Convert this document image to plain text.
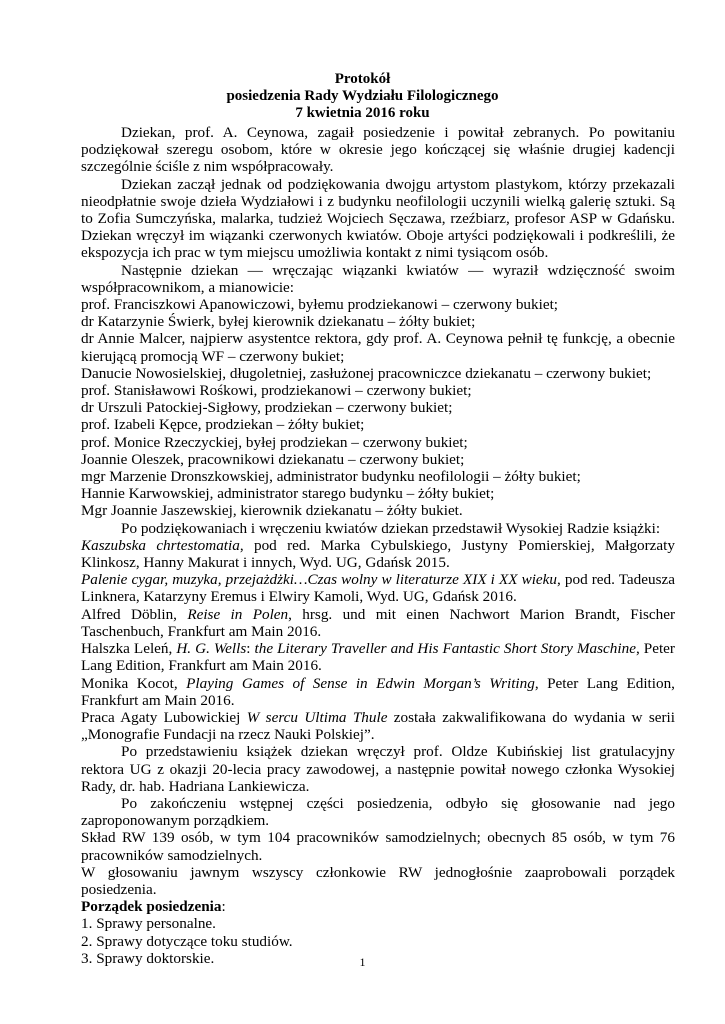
Protokół
posiedzenia Rady Wydziału Filologicznego
7 kwietnia 2016 roku

Dziekan, prof. A. Ceynowa, zagaił posiedzenie i powitał zebranych. Po powitaniu podziękował szeregu osobom, które w okresie jego kończącej się właśnie drugiej kadencji szczególnie ściśle z nim współpracowały.

Dziekan zaczął jednak od podziękowania dwojgu artystom plastykom, którzy przekazali nieodpłatnie swoje dzieła Wydziałowi i z budynku neofilologii uczynili wielką galerię sztuki. Są to Zofia Sumczyńska, malarka, tudzież Wojciech Sęczawa, rzeźbiarz, profesor ASP w Gdańsku. Dziekan wręczył im wiązanki czerwonych kwiatów. Oboje artyści podziękowali i podkreślili, że ekspozycja ich prac w tym miejscu umożliwia kontakt z nimi tysiącom osób.

Następnie dziekan ― wręczając wiązanki kwiatów ― wyraził wdzięczność swoim współpracownikom, a mianowicie:

prof. Franciszkowi Apanowiczowi, byłemu prodziekanowi – czerwony bukiet;

dr Katarzynie Świerk, byłej kierownik dziekanatu – żółty bukiet;

dr Annie Malcer, najpierw asystentce rektora, gdy prof. A. Ceynowa pełnił tę funkcję, a obecnie kierującą promocją WF – czerwony bukiet;

Danucie Nowosielskiej, długoletniej, zasłużonej pracowniczce dziekanatu – czerwony bukiet;

prof. Stanisławowi Rośkowi, prodziekanowi – czerwony bukiet;

dr Urszuli Patockiej-Sigłowy, prodziekan – czerwony bukiet;

prof. Izabeli Kępce, prodziekan – żółty bukiet;

prof. Monice Rzeczyckiej, byłej prodziekan – czerwony bukiet;

Joannie Oleszek, pracownikowi dziekanatu – czerwony bukiet;

mgr Marzenie Dronszkowskiej, administrator budynku neofilologii – żółty bukiet;

Hannie Karwowskiej, administrator starego budynku – żółty bukiet;

Mgr Joannie Jaszewskiej, kierownik dziekanatu – żółty bukiet.

Po podziękowaniach i wręczeniu kwiatów dziekan przedstawił Wysokiej Radzie książki:

Kaszubska chrtestomatia, pod red. Marka Cybulskiego, Justyny Pomierskiej, Małgorzaty Klinkosz, Hanny Makurat i innych, Wyd. UG, Gdańsk 2015.

Palenie cygar, muzyka, przejażdżki…Czas wolny w literaturze XIX i XX wieku, pod red. Tadeusza Linknera, Katarzyny Eremus i Elwiry Kamoli, Wyd. UG, Gdańsk 2016.

Alfred Döblin, Reise in Polen, hrsg. und mit einen Nachwort Marion Brandt, Fischer Taschenbuch, Frankfurt am Main 2016.

Halszka Leleń, H. G. Wells: the Literary Traveller and His Fantastic Short Story Maschine, Peter Lang Edition, Frankfurt am Main 2016.

Monika Kocot, Playing Games of Sense in Edwin Morgan’s Writing, Peter Lang Edition, Frankfurt am Main 2016.

Praca Agaty Lubowickiej W sercu Ultima Thule została zakwalifikowana do wydania w serii „Monografie Fundacji na rzecz Nauki Polskiej”.

Po przedstawieniu książek dziekan wręczył prof. Oldze Kubińskiej list gratulacyjny rektora UG z okazji 20-lecia pracy zawodowej, a następnie powitał nowego członka Wysokiej Rady, dr. hab. Hadriana Lankiewicza.

Po zakończeniu wstępnej części posiedzenia, odbyło się głosowanie nad jego zaproponowanym porządkiem.

Skład RW 139 osób, w tym 104 pracowników samodzielnych; obecnych 85 osób, w tym 76 pracowników samodzielnych.

W głosowaniu jawnym wszyscy członkowie RW jednogłośnie zaaprobowali porządek posiedzenia.

Porządek posiedzenia:

1. Sprawy personalne.

2. Sprawy dotyczące toku studiów.

3. Sprawy doktorskie.	1
